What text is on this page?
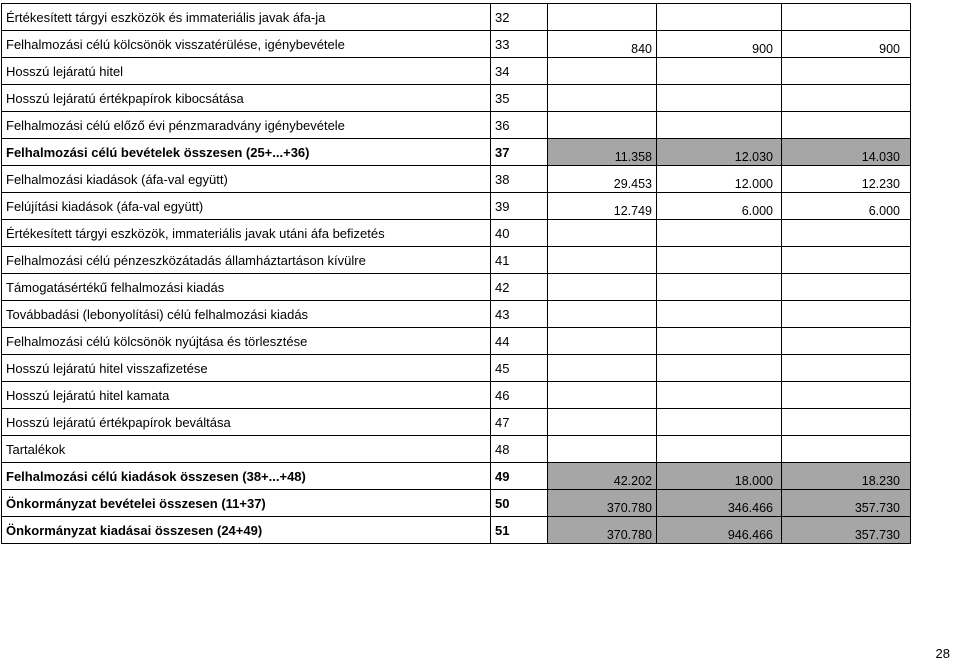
Értékesített tárgyi eszközök és immateriális javak áfa-ja	32			
Felhalmozási célú kölcsönök visszatérülése, igénybevétele	33	840	900	900
Hosszú lejáratú hitel	34			
Hosszú lejáratú értékpapírok kibocsátása	35			
Felhalmozási célú előző évi pénzmaradvány igénybevétele	36			
Felhalmozási célú bevételek összesen (25+...+36)	37	11.358	12.030	14.030
Felhalmozási kiadások (áfa-val együtt)	38	29.453	12.000	12.230
Felújítási kiadások (áfa-val együtt)	39	12.749	6.000	6.000
Értékesített tárgyi eszközök, immateriális javak utáni áfa befizetés	40			
Felhalmozási célú pénzeszközátadás államháztartáson kívülre	41			
Támogatásértékű felhalmozási kiadás	42			
Továbbadási (lebonyolítási) célú felhalmozási kiadás	43			
Felhalmozási célú kölcsönök nyújtása és törlesztése	44			
Hosszú lejáratú hitel visszafizetése	45			
Hosszú lejáratú hitel kamata	46			
Hosszú lejáratú értékpapírok beváltása	47			
Tartalékok	48			
Felhalmozási célú kiadások összesen (38+...+48)	49	42.202	18.000	18.230
Önkormányzat bevételei összesen (11+37)	50	370.780	346.466	357.730
Önkormányzat kiadásai összesen (24+49)	51	370.780	946.466	357.730
28
